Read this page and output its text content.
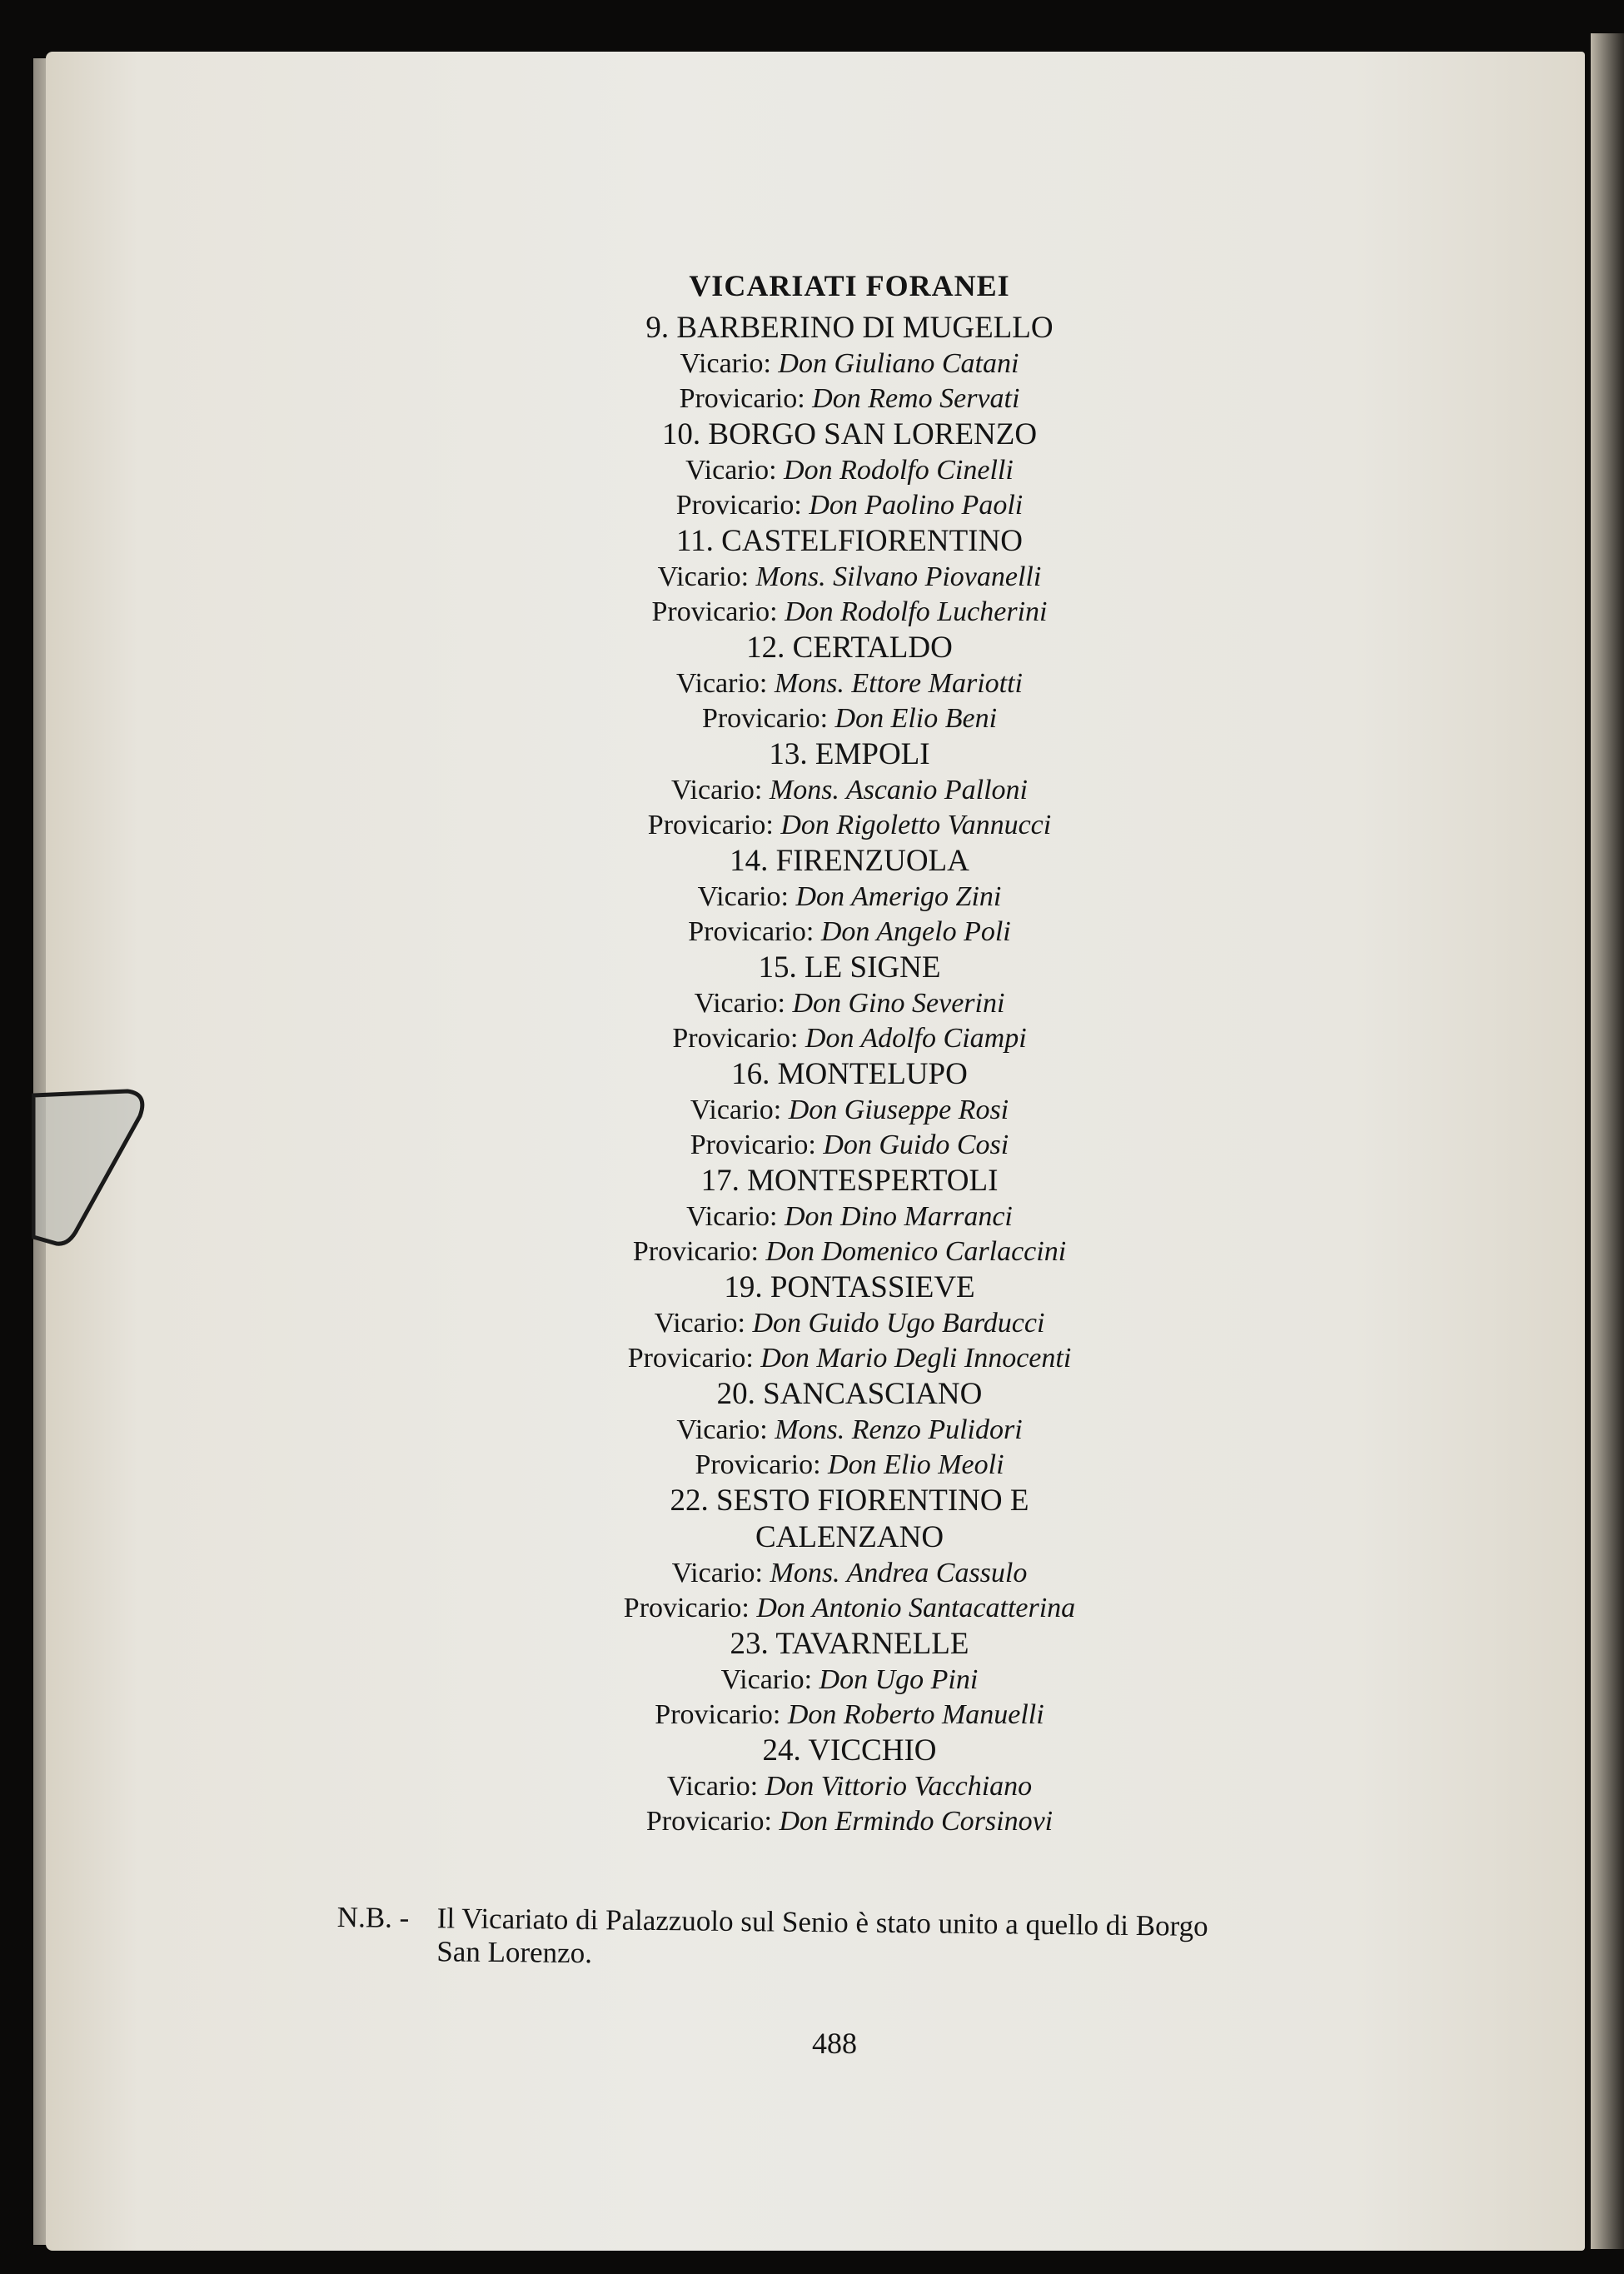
VICARIATI FORANEI
9. BARBERINO DI MUGELLO
Vicario: Don Giuliano Catani
Provicario: Don Remo Servati
10. BORGO SAN LORENZO
Vicario: Don Rodolfo Cinelli
Provicario: Don Paolino Paoli
11. CASTELFIORENTINO
Vicario: Mons. Silvano Piovanelli
Provicario: Don Rodolfo Lucherini
12. CERTALDO
Vicario: Mons. Ettore Mariotti
Provicario: Don Elio Beni
13. EMPOLI
Vicario: Mons. Ascanio Palloni
Provicario: Don Rigoletto Vannucci
14. FIRENZUOLA
Vicario: Don Amerigo Zini
Provicario: Don Angelo Poli
15. LE SIGNE
Vicario: Don Gino Severini
Provicario: Don Adolfo Ciampi
16. MONTELUPO
Vicario: Don Giuseppe Rosi
Provicario: Don Guido Cosi
17. MONTESPERTOLI
Vicario: Don Dino Marranci
Provicario: Don Domenico Carlaccini
19. PONTASSIEVE
Vicario: Don Guido Ugo Barducci
Provicario: Don Mario Degli Innocenti
20. SANCASCIANO
Vicario: Mons. Renzo Pulidori
Provicario: Don Elio Meoli
22. SESTO FIORENTINO E CALENZANO
Vicario: Mons. Andrea Cassulo
Provicario: Don Antonio Santacatterina
23. TAVARNELLE
Vicario: Don Ugo Pini
Provicario: Don Roberto Manuelli
24. VICCHIO
Vicario: Don Vittorio Vacchiano
Provicario: Don Ermindo Corsinovi
N.B. - Il Vicariato di Palazzuolo sul Senio è stato unito a quello di Borgo
San Lorenzo.
488
